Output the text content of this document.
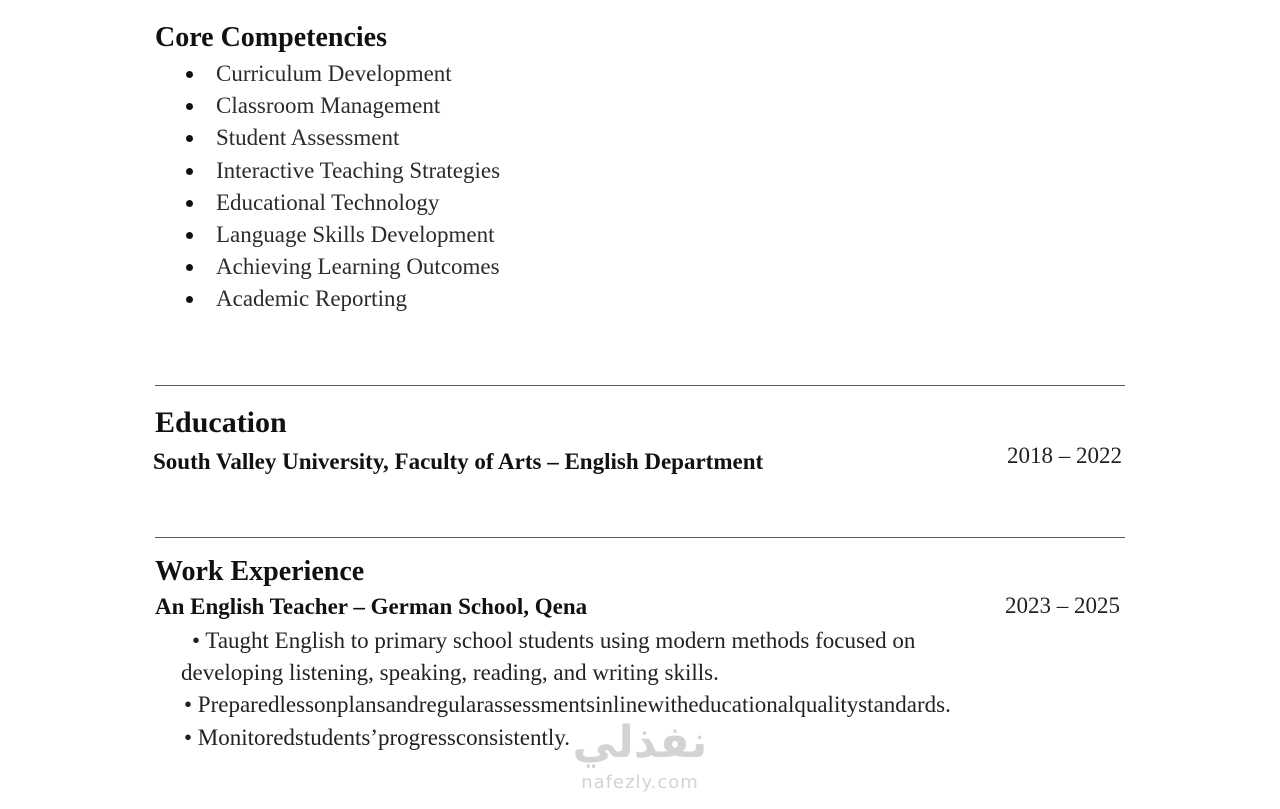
Core Competencies
Curriculum Development
Classroom Management
Student Assessment
Interactive Teaching Strategies
Educational Technology
Language Skills Development
Achieving Learning Outcomes
Academic Reporting
Education
South Valley University, Faculty of Arts – English Department	2018 – 2022
Work Experience
An English Teacher – German School, Qena	2023 – 2025
• Taught English to primary school students using modern methods focused on
developing listening, speaking, reading, and writing skills.
• Preparedlessonplansandregularassessmentsinlinewitheducationalqualitystandards.
• Monitoredstudents’progressconsistently. نفذلي
nafezly.com
